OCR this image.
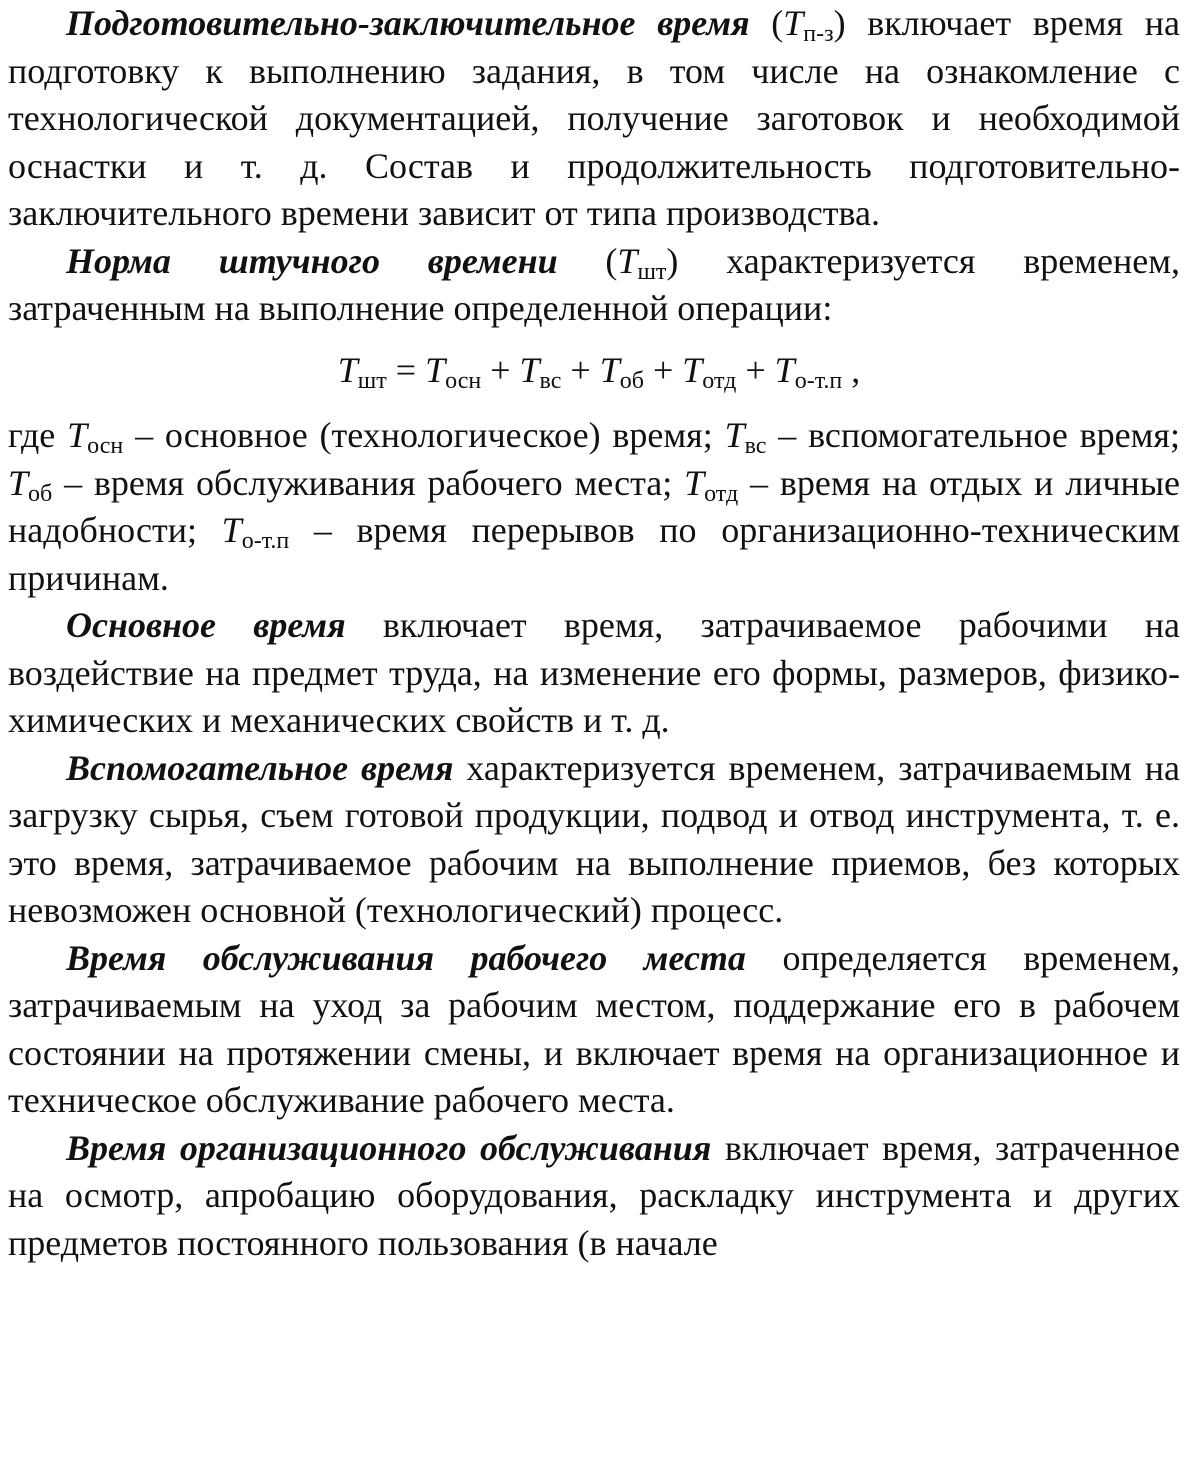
Подготовительно-заключительное время $(T_{п-з})$ включает время на подготовку к выполнению задания, в том числе на ознакомление с технологической документацией, получение заготовок и необходимой оснастки и т. д. Состав и продолжительность подготовительно-заключительного времени зависит от типа производства.

Норма штучного времени $(T_{шт})$ характеризуется временем, затраченным на выполнение определенной операции:

$T_{шт} = T_{осн} + T_{вс} + T_{об} + T_{отд} + T_{о-т.п}$ ,

где $T_{осн}$ – основное (технологическое) время; $T_{вс}$ – вспомогательное время; $T_{об}$ – время обслуживания рабочего места; $T_{отд}$ – время на отдых и личные надобности; $T_{о-т.п}$ – время перерывов по организационно-техническим причинам.

Основное время включает время, затрачиваемое рабочими на воздействие на предмет труда, на изменение его формы, размеров, физико-химических и механических свойств и т. д.

Вспомогательное время характеризуется временем, затрачиваемым на загрузку сырья, съем готовой продукции, подвод и отвод инструмента, т. е. это время, затрачиваемое рабочим на выполнение приемов, без которых невозможен основной (технологический) процесс.

Время обслуживания рабочего места определяется временем, затрачиваемым на уход за рабочим местом, поддержание его в рабочем состоянии на протяжении смены, и включает время на организационное и техническое обслуживание рабочего места.

Время организационного обслуживания включает время, затраченное на осмотр, апробацию оборудования, раскладку инструмента и других предметов постоянного пользования (в начале
